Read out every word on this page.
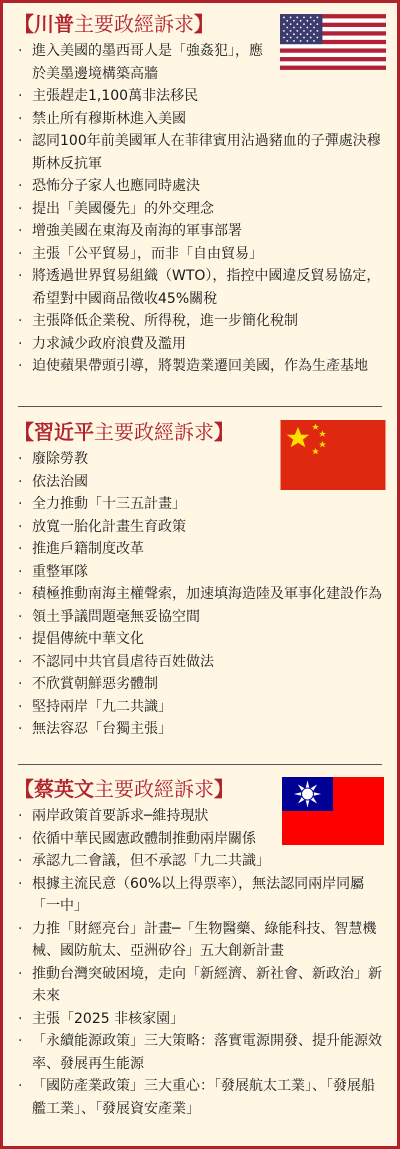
【川普主要政經訴求】
· 進入美國的墨西哥人是「強姦犯」，應於美墨邊境構築高牆
· 主張趕走1,100萬非法移民
· 禁止所有穆斯林進入美國
· 認同100年前美國軍人在菲律賓用沾過豬血的子彈處決穆斯林反抗軍
· 恐怖分子家人也應同時處決
· 提出「美國優先」的外交理念
· 增強美國在東海及南海的軍事部署
· 主張「公平貿易」，而非「自由貿易」
· 將透過世界貿易組織（WTO），指控中國違反貿易協定，希望對中國商品徵收45%關稅
· 主張降低企業稅、所得稅，進一步簡化稅制
· 力求減少政府浪費及濫用
· 迫使蘋果帶頭引導，將製造業遷回美國，作為生產基地
【習近平主要政經訴求】
· 廢除勞教
· 依法治國
· 全力推動「十三五計畫」
· 放寬一胎化計畫生育政策
· 推進戶籍制度改革
· 重整軍隊
· 積極推動南海主權聲索，加速填海造陸及軍事化建設作為
· 領土爭議問題毫無妥協空間
· 提倡傳統中華文化
· 不認同中共官員虐待百姓做法
· 不欣賞朝鮮惡劣體制
· 堅持兩岸「九二共識」
· 無法容忍「台獨主張」
【蔡英文主要政經訴求】
· 兩岸政策首要訴求─維持現狀
· 依循中華民國憲政體制推動兩岸關係
· 承認九二會議，但不承認「九二共識」
· 根據主流民意（60%以上得票率），無法認同兩岸同屬「一中」
· 力推「財經亮台」計畫─「生物醫藥、綠能科技、智慧機械、國防航太、亞洲矽谷」五大創新計畫
· 推動台灣突破困境，走向「新經濟、新社會、新政治」新未來
· 主張「2025 非核家園」
· 「永續能源政策」三大策略：落實電源開發、提升能源效率、發展再生能源
· 「國防產業政策」三大重心：「發展航太工業」、「發展船艦工業」、「發展資安產業」
